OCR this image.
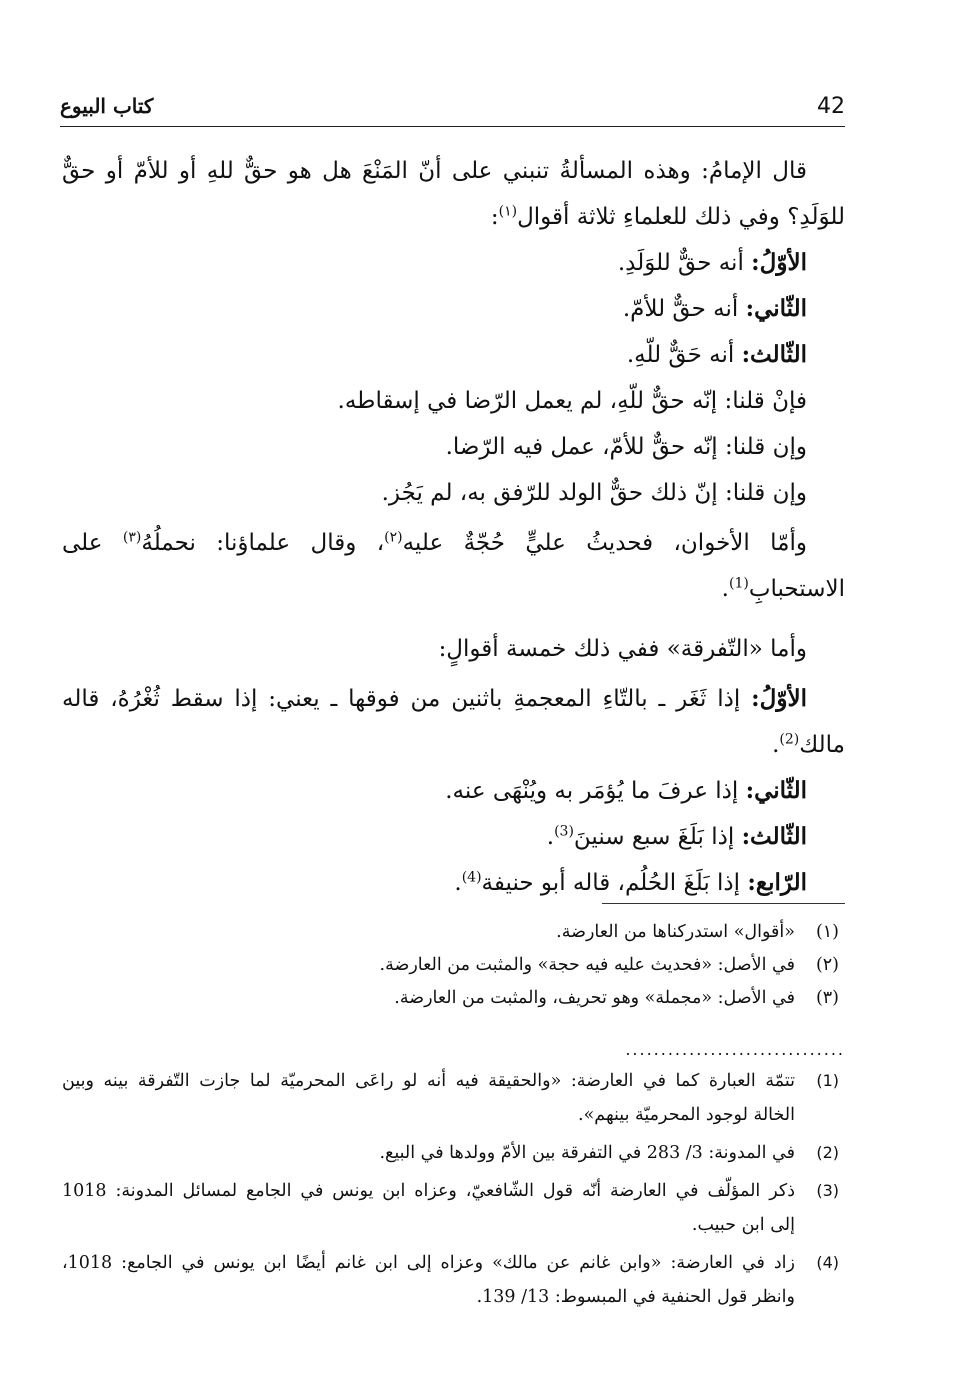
42
كتاب البيوع
قال الإمامُ: وهذه المسألةُ تنبني على أنّ المَنْعَ هل هو حقٌّ للهِ أو للأمّ أو حقٌّ
للوَلَدِ؟ وفي ذلك للعلماءِ ثلاثة أقوال$^{(١)}$:
الأوّلُ: أنه حقٌّ للوَلَدِ.
الثّاني: أنه حقٌّ للأمّ.
الثّالث: أنه حَقٌّ للّهِ.
فإنْ قلنا: إنّه حقٌّ للّهِ، لم يعمل الرّضا في إسقاطه.
وإن قلنا: إنّه حقٌّ للأمّ، عمل فيه الرّضا.
وإن قلنا: إنّ ذلك حقٌّ الولد للرّفق به، لم يَجُز.
وأمّا الأخوان، فحديثُ عليٍّ حُجّةٌ عليه$^{(٢)}$، وقال علماؤنا: نحملُهُ$^{(٣)}$ على
الاستحبابِ$^{(1)}$.
وأما «التّفرقة» ففي ذلك خمسة أقوالٍ:
الأوّلُ: إذا ثَغَر ـ بالتّاءِ المعجمةِ باثنين من فوقها ـ يعني: إذا سقط ثُغْرُهُ، قاله
مالك$^{(2)}$.
الثّاني: إذا عرفَ ما يُؤمَر به ويُنْهَى عنه.
الثّالث: إذا بَلَغَ سبع سنينَ$^{(3)}$.
الرّابع: إذا بَلَغَ الحُلُم، قاله أبو حنيفة$^{(4)}$.
(١)
«أقوال» استدركناها من العارضة.
(٢)
في الأصل: «فحديث عليه فيه حجة» والمثبت من العارضة.
(٣)
في الأصل: «مجملة» وهو تحريف، والمثبت من العارضة.
...............................
(1)
تتمّة العبارة كما في العارضة: «والحقيقة فيه أنه لو راعَى المحرميّة لما جازت التّفرقة بينه وبين
الخالة لوجود المحرميّة بينهم».
(2)
في المدونة: 3/ 283 في التفرقة بين الأمّ وولدها في البيع.
(3)
ذكر المؤلّف في العارضة أنّه قول الشّافعيّ، وعزاه ابن يونس في الجامع لمسائل المدونة: 1018
إلى ابن حبيب.
(4)
زاد في العارضة: «وابن غانم عن مالك» وعزاه إلى ابن غانم أيضًا ابن يونس في الجامع: 1018،
وانظر قول الحنفية في المبسوط: 13/ 139.
